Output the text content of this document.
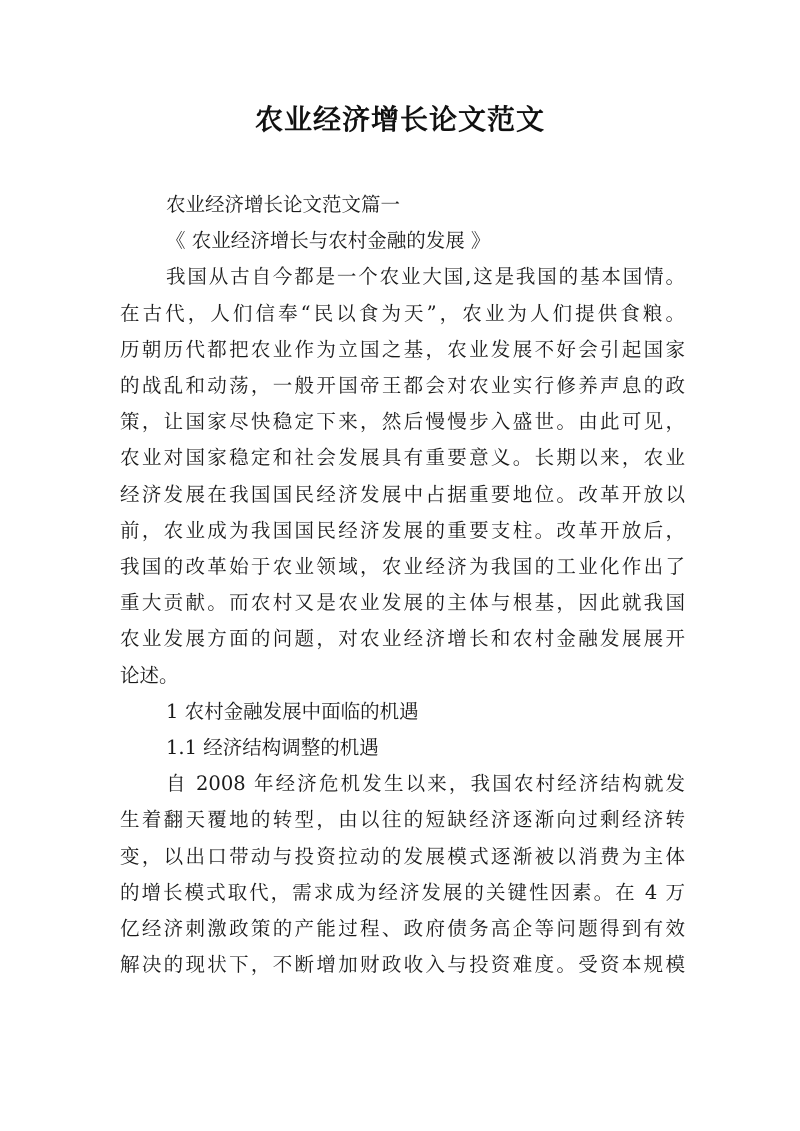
农业经济增长论文范文

农业经济增长论文范文篇一

《 农业经济增长与农村金融的发展 》

我国从古自今都是一个农业大国,这是我国的基本国情。

在古代，人们信奉“民以食为天”，农业为人们提供食粮。

历朝历代都把农业作为立国之基，农业发展不好会引起国家

的战乱和动荡，一般开国帝王都会对农业实行修养声息的政

策，让国家尽快稳定下来，然后慢慢步入盛世。由此可见，

农业对国家稳定和社会发展具有重要意义。长期以来，农业

经济发展在我国国民经济发展中占据重要地位。改革开放以

前，农业成为我国国民经济发展的重要支柱。改革开放后，

我国的改革始于农业领域，农业经济为我国的工业化作出了

重大贡献。而农村又是农业发展的主体与根基，因此就我国

农业发展方面的问题，对农业经济增长和农村金融发展展开

论述。

1 农村金融发展中面临的机遇

1.1 经济结构调整的机遇

自 2008 年经济危机发生以来，我国农村经济结构就发

生着翻天覆地的转型，由以往的短缺经济逐渐向过剩经济转

变，以出口带动与投资拉动的发展模式逐渐被以消费为主体

的增长模式取代，需求成为经济发展的关键性因素。在 4 万

亿经济刺激政策的产能过程、政府债务高企等问题得到有效

解决的现状下，不断增加财政收入与投资难度。受资本规模
